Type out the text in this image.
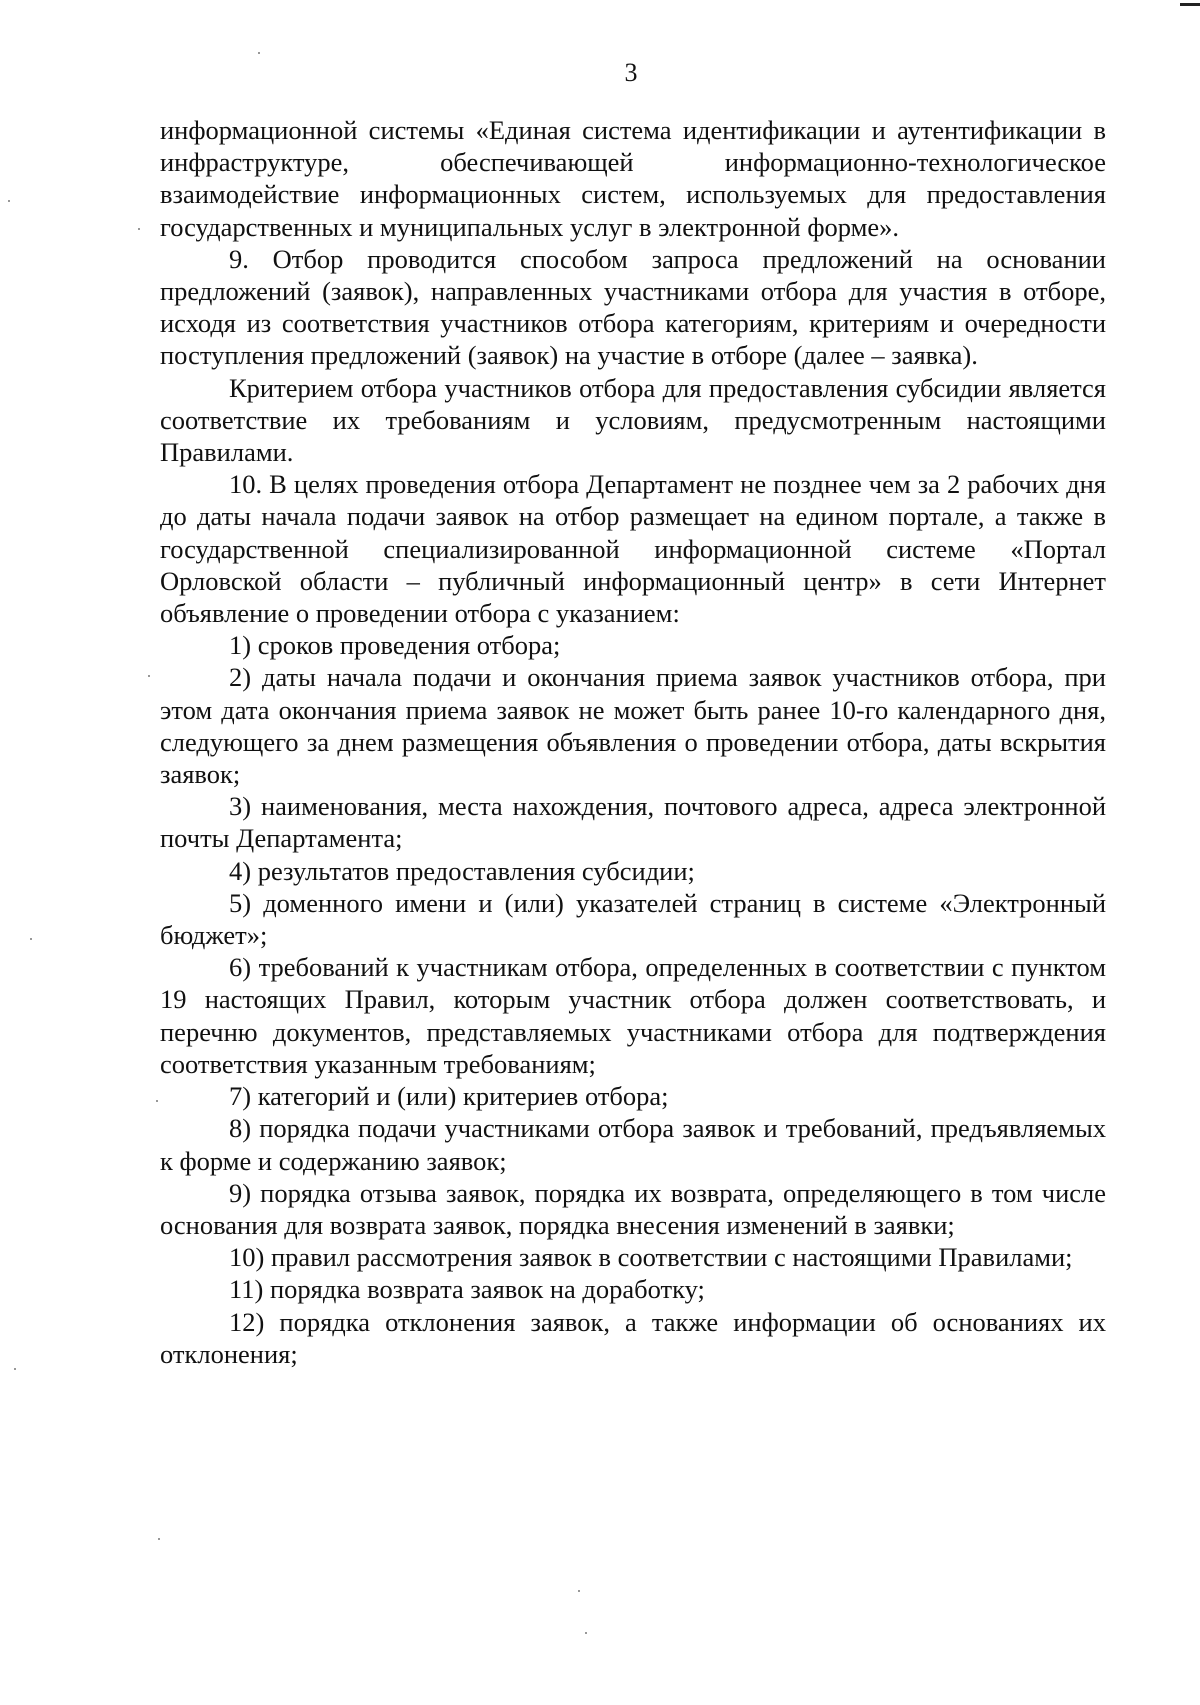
3

информационной системы «Единая система идентификации и аутентификации в инфраструктуре, обеспечивающей информационно-технологическое взаимодействие информационных систем, используемых для предоставления государственных и муниципальных услуг в электронной форме».

9. Отбор проводится способом запроса предложений на основании предложений (заявок), направленных участниками отбора для участия в отборе, исходя из соответствия участников отбора категориям, критериям и очередности поступления предложений (заявок) на участие в отборе (далее – заявка).

Критерием отбора участников отбора для предоставления субсидии является соответствие их требованиям и условиям, предусмотренным настоящими Правилами.

10. В целях проведения отбора Департамент не позднее чем за 2 рабочих дня до даты начала подачи заявок на отбор размещает на едином портале, а также в государственной специализированной информационной системе «Портал Орловской области – публичный информационный центр» в сети Интернет объявление о проведении отбора с указанием:

1) сроков проведения отбора;

2) даты начала подачи и окончания приема заявок участников отбора, при этом дата окончания приема заявок не может быть ранее 10-го календарного дня, следующего за днем размещения объявления о проведении отбора, даты вскрытия заявок;

3) наименования, места нахождения, почтового адреса, адреса электронной почты Департамента;

4) результатов предоставления субсидии;

5) доменного имени и (или) указателей страниц в системе «Электронный бюджет»;

6) требований к участникам отбора, определенных в соответствии с пунктом 19 настоящих Правил, которым участник отбора должен соответствовать, и перечню документов, представляемых участниками отбора для подтверждения соответствия указанным требованиям;

7) категорий и (или) критериев отбора;

8) порядка подачи участниками отбора заявок и требований, предъявляемых к форме и содержанию заявок;

9) порядка отзыва заявок, порядка их возврата, определяющего в том числе основания для возврата заявок, порядка внесения изменений в заявки;

10) правил рассмотрения заявок в соответствии с настоящими Правилами;

11) порядка возврата заявок на доработку;

12) порядка отклонения заявок, а также информации об основаниях их отклонения;
